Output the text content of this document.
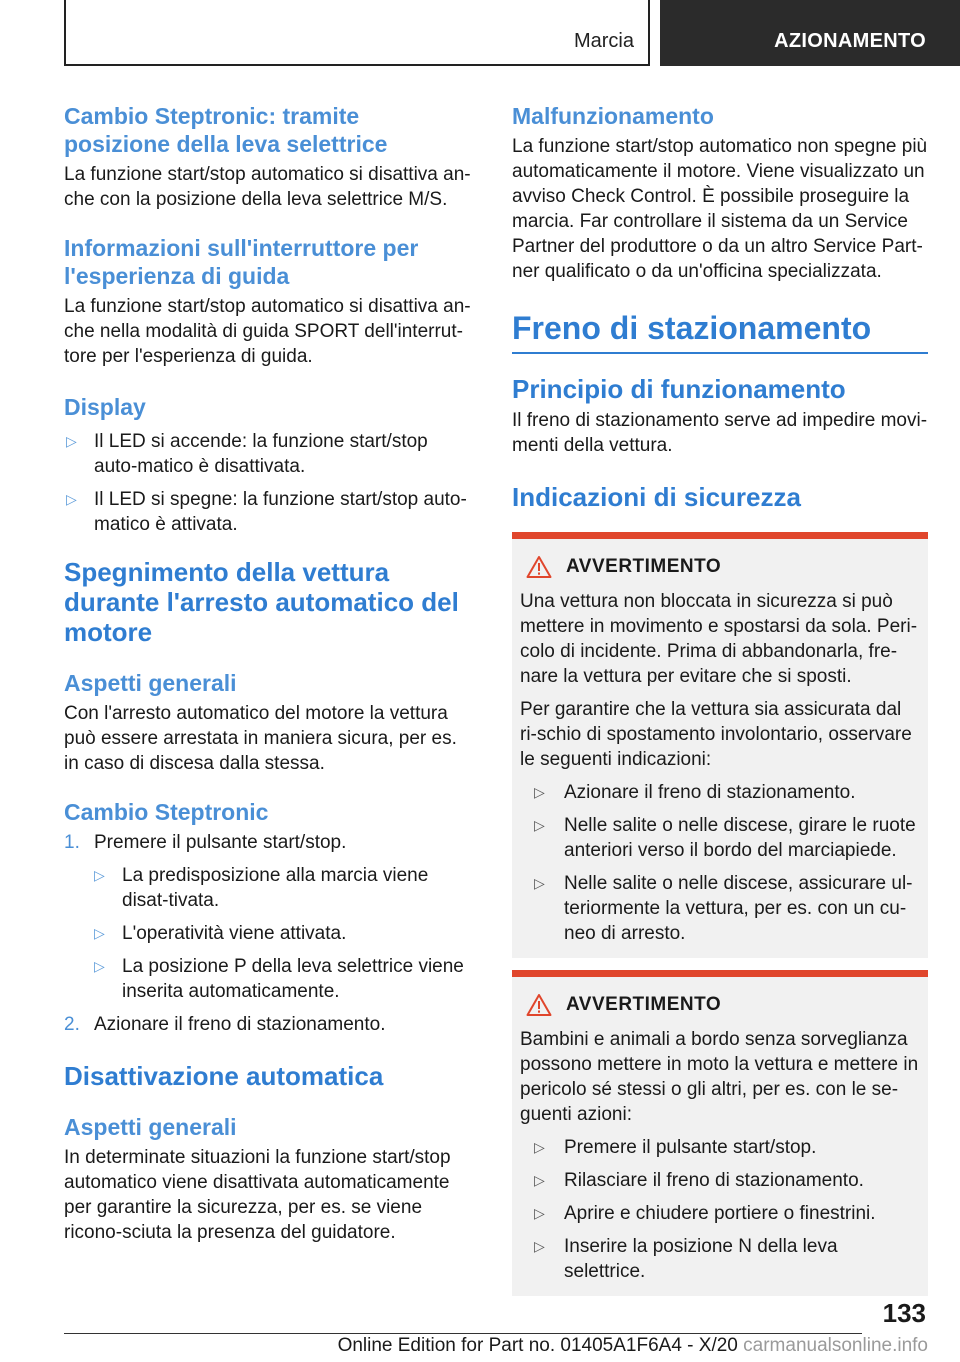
Marcia	AZIONAMENTO
Cambio Steptronic: tramite posizione della leva selettrice

La funzione start/stop automatico si disattiva an-che con la posizione della leva selettrice M/S.

Informazioni sull'interruttore per l'esperienza di guida

La funzione start/stop automatico si disattiva an-che nella modalità di guida SPORT dell'interrut-tore per l'esperienza di guida.

Display
▷ Il LED si accende: la funzione start/stop auto-matico è disattivata.
▷ Il LED si spegne: la funzione start/stop auto-matico è attivata.
Spegnimento della vettura durante l'arresto automatico del motore
Aspetti generali

Con l'arresto automatico del motore la vettura può essere arrestata in maniera sicura, per es. in caso di discesa dalla stessa.

Cambio Steptronic
1. Premere il pulsante start/stop.
▷ La predisposizione alla marcia viene disat-tivata.
▷ L'operatività viene attivata.
▷ La posizione P della leva selettrice viene inserita automaticamente.
2. Azionare il freno di stazionamento.
Disattivazione automatica
Aspetti generali

In determinate situazioni la funzione start/stop automatico viene disattivata automaticamente per garantire la sicurezza, per es. se viene ricono-sciuta la presenza del guidatore.

Malfunzionamento

La funzione start/stop automatico non spegne più automaticamente il motore. Viene visualizzato un avviso Check Control. È possibile proseguire la marcia. Far controllare il sistema da un Service Partner del produttore o da un altro Service Part-ner qualificato o da un'officina specializzata.

Freno di stazionamento
Principio di funzionamento

Il freno di stazionamento serve ad impedire movi-menti della vettura.

Indicazioni di sicurezza
AVVERTIMENTO

Una vettura non bloccata in sicurezza si può mettere in movimento e spostarsi da sola. Peri-colo di incidente. Prima di abbandonarla, fre-nare la vettura per evitare che si sposti.

Per garantire che la vettura sia assicurata dal ri-schio di spostamento involontario, osservare le seguenti indicazioni:

▷ Azionare il freno di stazionamento.
▷ Nelle salite o nelle discese, girare le ruote anteriori verso il bordo del marciapiede.
▷ Nelle salite o nelle discese, assicurare ul-teriormente la vettura, per es. con un cu-neo di arresto.
AVVERTIMENTO

Bambini e animali a bordo senza sorveglianza possono mettere in moto la vettura e mettere in pericolo sé stessi o gli altri, per es. con le se-guenti azioni:

▷ Premere il pulsante start/stop.
▷ Rilasciare il freno di stazionamento.
▷ Aprire e chiudere portiere o finestrini.
▷ Inserire la posizione N della leva selettrice.
133
Online Edition for Part no. 01405A1F6A4 - X/20 carmanualsonline.info
